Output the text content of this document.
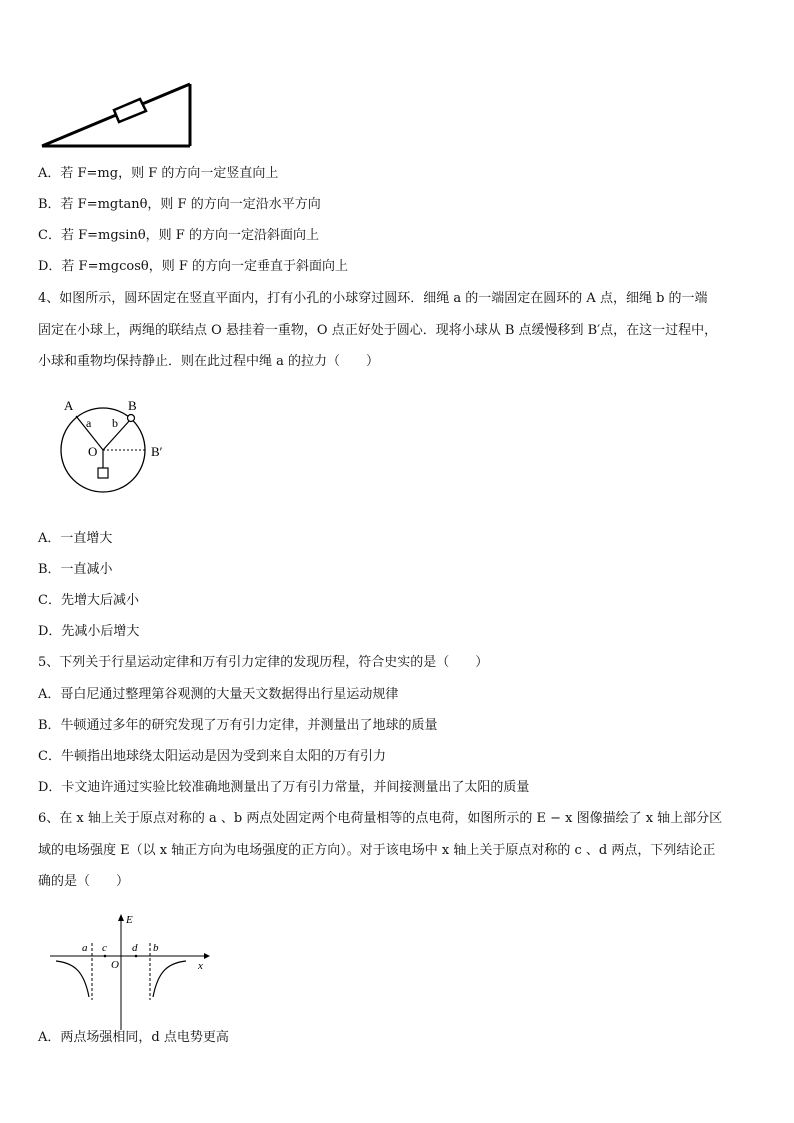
A．若 F=mg，则 F 的方向一定竖直向上
B．若 F=mgtanθ，则 F 的方向一定沿水平方向
C．若 F=mgsinθ，则 F 的方向一定沿斜面向上
D．若 F=mgcosθ，则 F 的方向一定垂直于斜面向上
4、如图所示，圆环固定在竖直平面内，打有小孔的小球穿过圆环．细绳 a 的一端固定在圆环的 A 点，细绳 b 的一端
固定在小球上，两绳的联结点 O 悬挂着一重物，O 点正好处于圆心．现将小球从 B 点缓慢移到 B′点，在这一过程中，
小球和重物均保持静止．则在此过程中绳 a 的拉力（　　）
A	B
a b
O	B′
A．一直增大
B．一直减小
C．先增大后减小
D．先减小后增大
5、下列关于行星运动定律和万有引力定律的发现历程，符合史实的是（　　）
A．哥白尼通过整理第谷观测的大量天文数据得出行星运动规律
B．牛顿通过多年的研究发现了万有引力定律，并测量出了地球的质量
C．牛顿指出地球绕太阳运动是因为受到来自太阳的万有引力
D．卡文迪许通过实验比较准确地测量出了万有引力常量，并间接测量出了太阳的质量
6、在 x 轴上关于原点对称的 a 、b 两点处固定两个电荷量相等的点电荷，如图所示的 E − x 图像描绘了 x 轴上部分区
域的电场强度 E（以 x 轴正方向为电场强度的正方向）。对于该电场中 x 轴上关于原点对称的 c 、d 两点，下列结论正
确的是（　　）
E
x
O
a c d b
A．两点场强相同，d 点电势更高
